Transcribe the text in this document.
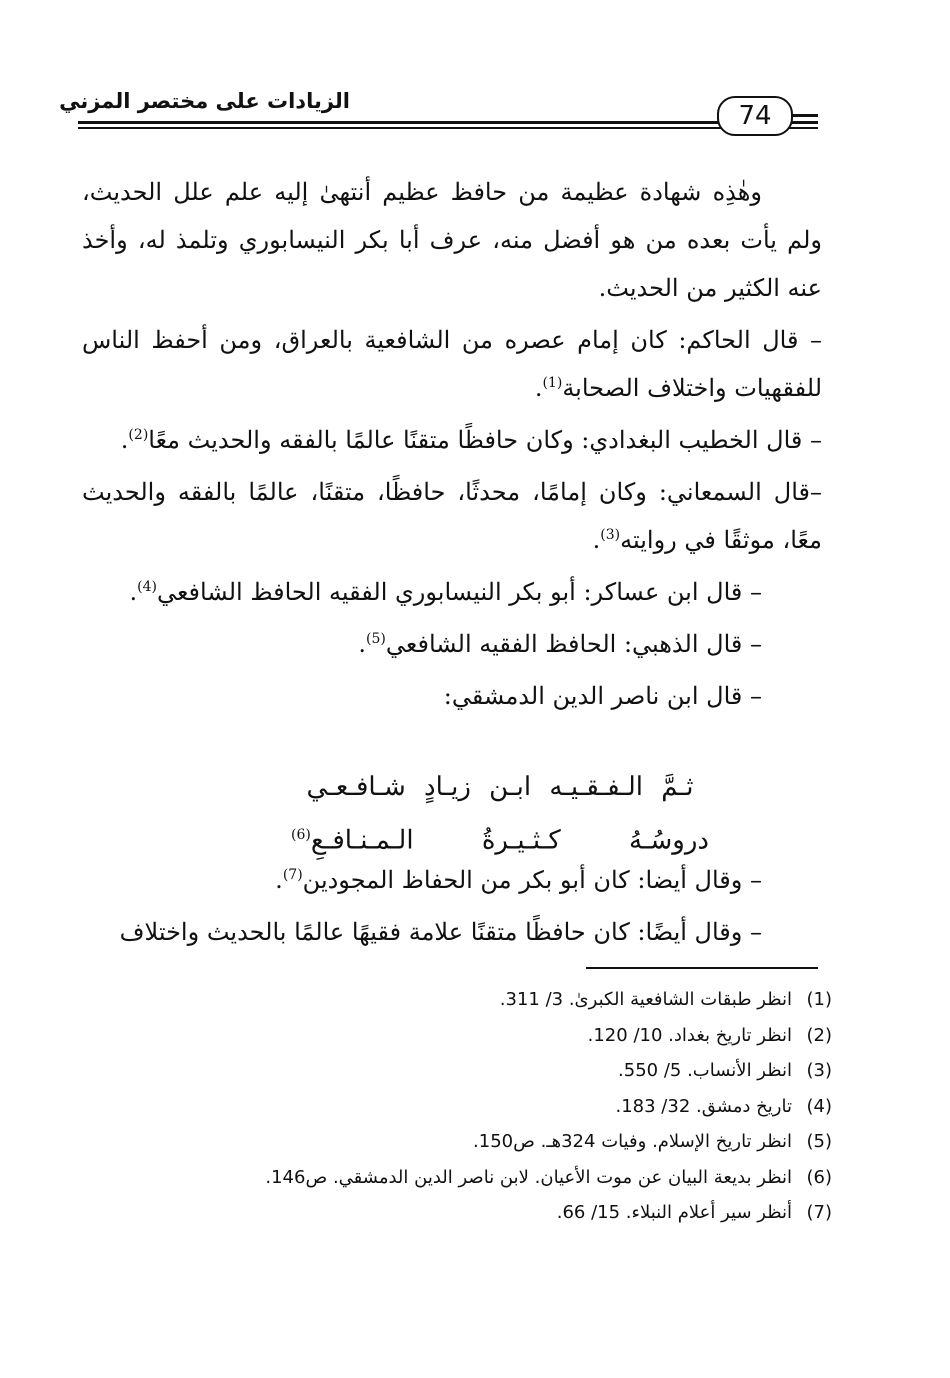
الزيادات على مختصر المزني	74

وهٰذِه شهادة عظيمة من حافظ عظيم أنتهىٰ إليه علم علل الحديث، ولم يأت بعده من هو أفضل منه، عرف أبا بكر النيسابوري وتلمذ له، وأخذ عنه الكثير من الحديث.

– قال الحاكم: كان إمام عصره من الشافعية بالعراق، ومن أحفظ الناس للفقهيات واختلاف الصحابة$^{(1)}$.

– قال الخطيب البغدادي: وكان حافظًا متقنًا عالمًا بالفقه والحديث معًا$^{(2)}$.

–قال السمعاني: وكان إمامًا، محدثًا، حافظًا، متقنًا، عالمًا بالفقه والحديث معًا، موثقًا في روايته$^{(3)}$.

– قال ابن عساكر: أبو بكر النيسابوري الفقيه الحافظ الشافعي$^{(4)}$.

– قال الذهبي: الحافظ الفقيه الشافعي$^{(5)}$.

– قال ابن ناصر الدين الدمشقي:

ثـمَّ الـفـقـيـه ابـن زيـادٍ شـافـعـي
دروسُـهُ كـثـيـرةُ الـمـنـافـعِ$^{(6)}$

– وقال أيضا: كان أبو بكر من الحفاظ المجودين$^{(7)}$.

– وقال أيضًا: كان حافظًا متقنًا علامة فقيهًا عالمًا بالحديث واختلاف

(1)انظر طبقات الشافعية الكبرىٰ. 3/ 311.
(2)انظر تاريخ بغداد. 10/ 120.
(3)انظر الأنساب. 5/ 550.
(4)تاريخ دمشق. 32/ 183.
(5)انظر تاريخ الإسلام. وفيات 324هـ. ص150.
(6)انظر بديعة البيان عن موت الأعيان. لابن ناصر الدين الدمشقي. ص146.
(7)أنظر سير أعلام النبلاء. 15/ 66.
